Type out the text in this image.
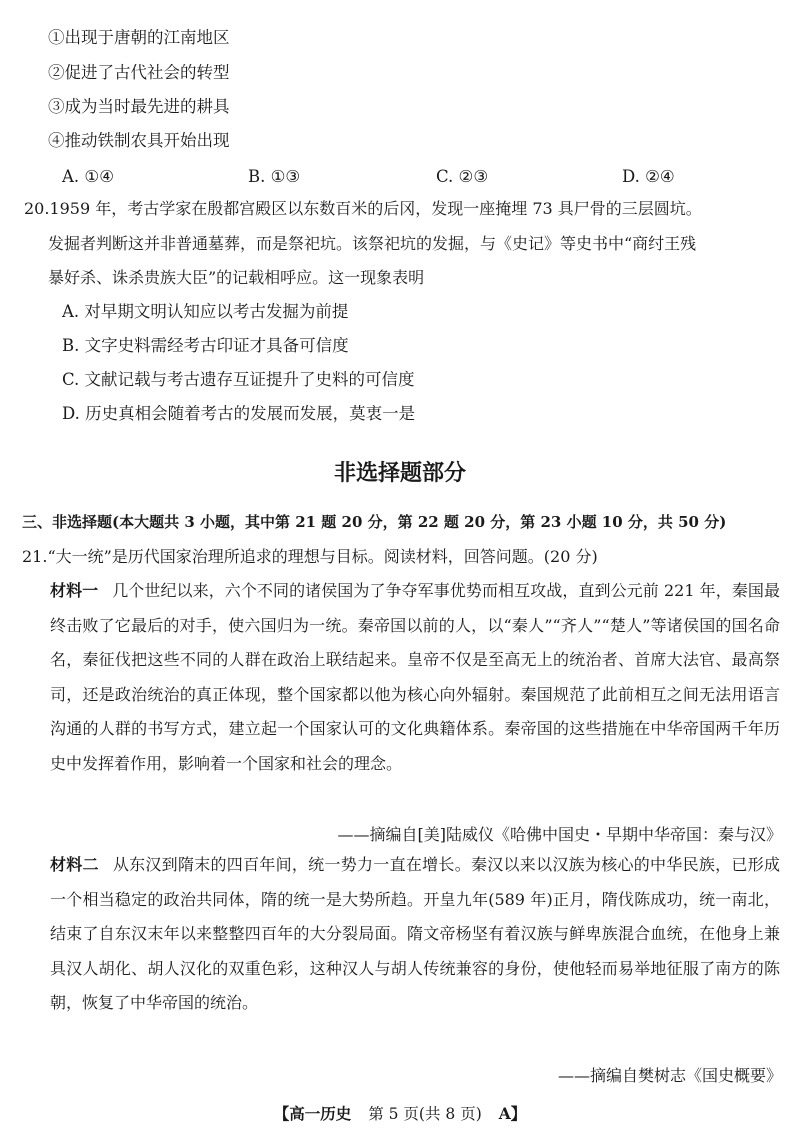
①出现于唐朝的江南地区
②促进了古代社会的转型
③成为当时最先进的耕具
④推动铁制农具开始出现
A. ①④	B. ①③	C. ②③	D. ②④
20.1959 年，考古学家在殷都宫殿区以东数百米的后冈，发现一座掩埋 73 具尸骨的三层圆坑。
发掘者判断这并非普通墓葬，而是祭祀坑。该祭祀坑的发掘，与《史记》等史书中“商纣王残
暴好杀、诛杀贵族大臣”的记载相呼应。这一现象表明
A. 对早期文明认知应以考古发掘为前提
B. 文字史料需经考古印证才具备可信度
C. 文献记载与考古遗存互证提升了史料的可信度
D. 历史真相会随着考古的发展而发展，莫衷一是
非选择题部分
三、非选择题(本大题共 3 小题，其中第 21 题 20 分，第 22 题 20 分，第 23 小题 10 分，共 50 分)
21.“大一统”是历代国家治理所追求的理想与目标。阅读材料，回答问题。(20 分)
材料一 几个世纪以来，六个不同的诸侯国为了争夺军事优势而相互攻战，直到公元前 221 年，秦国最终击败了它最后的对手，使六国归为一统。秦帝国以前的人，以“秦人”“齐人”“楚人”等诸侯国的国名命名，秦征伐把这些不同的人群在政治上联结起来。皇帝不仅是至高无上的统治者、首席大法官、最高祭司，还是政治统治的真正体现，整个国家都以他为核心向外辐射。秦国规范了此前相互之间无法用语言沟通的人群的书写方式，建立起一个国家认可的文化典籍体系。秦帝国的这些措施在中华帝国两千年历史中发挥着作用，影响着一个国家和社会的理念。
——摘编自[美]陆威仪《哈佛中国史・早期中华帝国：秦与汉》
材料二 从东汉到隋末的四百年间，统一势力一直在增长。秦汉以来以汉族为核心的中华民族，已形成一个相当稳定的政治共同体，隋的统一是大势所趋。开皇九年(589 年)正月，隋伐陈成功，统一南北，结束了自东汉末年以来整整四百年的大分裂局面。隋文帝杨坚有着汉族与鲜卑族混合血统，在他身上兼具汉人胡化、胡人汉化的双重色彩，这种汉人与胡人传统兼容的身份，使他轻而易举地征服了南方的陈朝，恢复了中华帝国的统治。
——摘编自樊树志《国史概要》
【高一历史 第 5 页(共 8 页) A】
